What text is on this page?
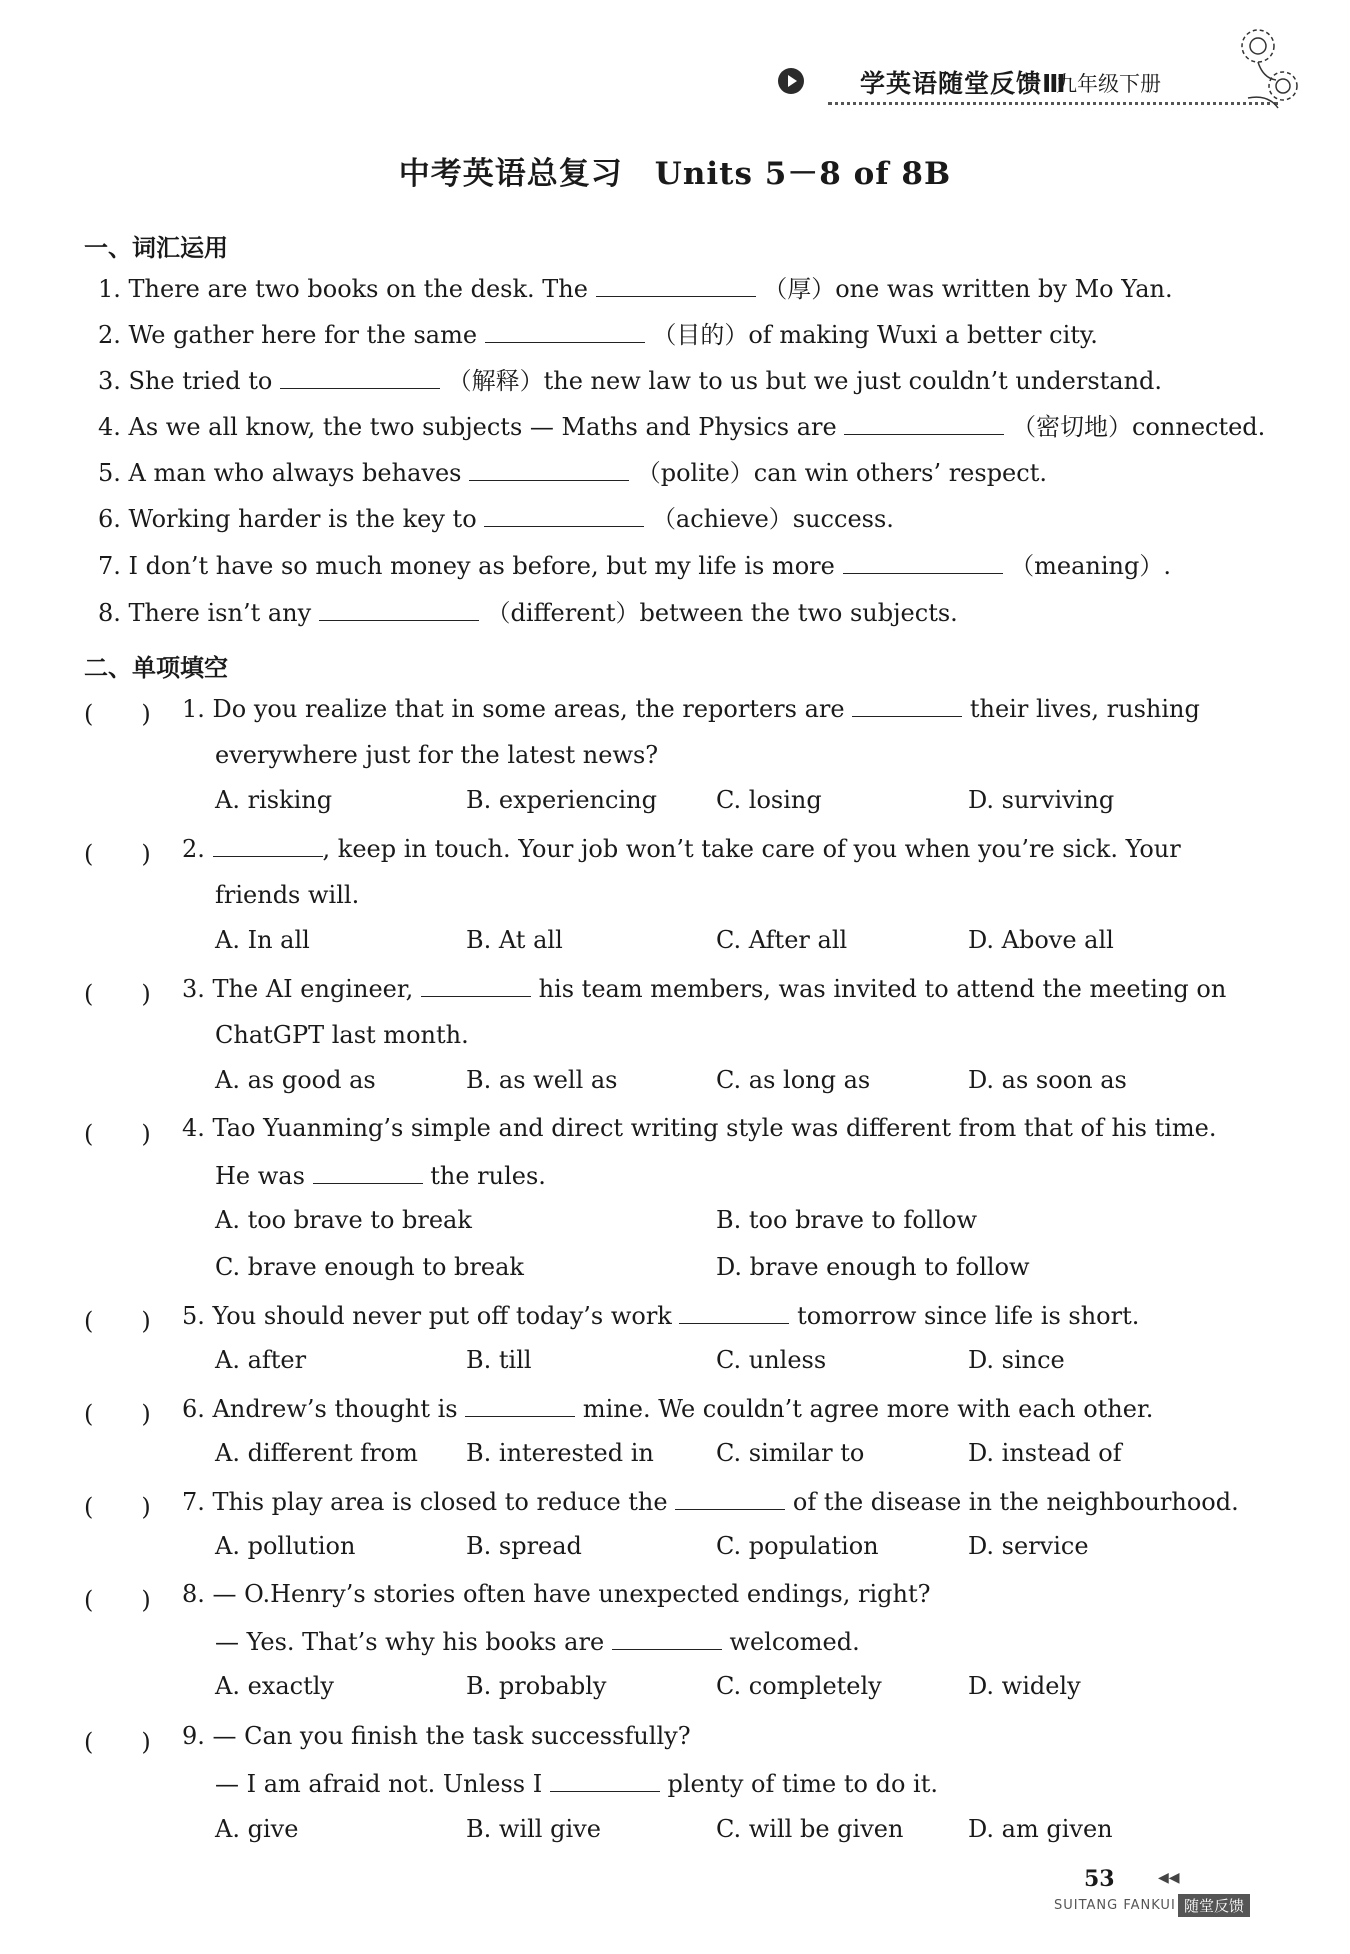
学英语随堂反馈Ⅲ
九年级下册
中考英语总复习　Units 5－8 of 8B
一、词汇运用
1. There are two books on the desk. The	（厚）one was written by Mo Yan.
2. We gather here for the same	（目的）of making Wuxi a better city.
3. She tried to	（解释）the new law to us but we just couldn’t understand.
4. As we all know, the two subjects — Maths and Physics are	（密切地）connected.
5. A man who always behaves	（polite）can win others’ respect.
6. Working harder is the key to	（achieve）success.
7. I don’t have so much money as before, but my life is more	（meaning）.
8. There isn’t any	（different）between the two subjects.
二、单项填空
(　　) 1. Do you realize that in some areas, the reporters are	their lives, rushing
everywhere just for the latest news?
A. risking	B. experiencing C. losing	D. surviving
(　　) 2.	, keep in touch. Your job won’t take care of you when you’re sick. Your
friends will.
A. In all	B. At all	C. After all	D. Above all
(　　) 3. The AI engineer,	his team members, was invited to attend the meeting on
ChatGPT last month.
A. as good as	B. as well as	C. as long as	D. as soon as
(　　) 4. Tao Yuanming’s simple and direct writing style was different from that of his time.
He was	the rules.
A. too brave to break	B. too brave to follow
C. brave enough to break	D. brave enough to follow
(　　) 5. You should never put off today’s work	tomorrow since life is short.
A. after	B. till	C. unless	D. since
(　　) 6. Andrew’s thought is	mine. We couldn’t agree more with each other.
A. different from B. interested in	C. similar to	D. instead of
(　　) 7. This play area is closed to reduce the	of the disease in the neighbourhood.
A. pollution	B. spread	C. population	D. service
(　　) 8. — O.Henry’s stories often have unexpected endings, right?
— Yes. That’s why his books are	welcomed.
A. exactly	B. probably	C. completely	D. widely
(　　) 9. — Can you finish the task successfully?
— I am afraid not. Unless I	plenty of time to do it.
A. give	B. will give	C. will be given	D. am given
53	◀◀
SUITANG FANKUI 随堂反馈
